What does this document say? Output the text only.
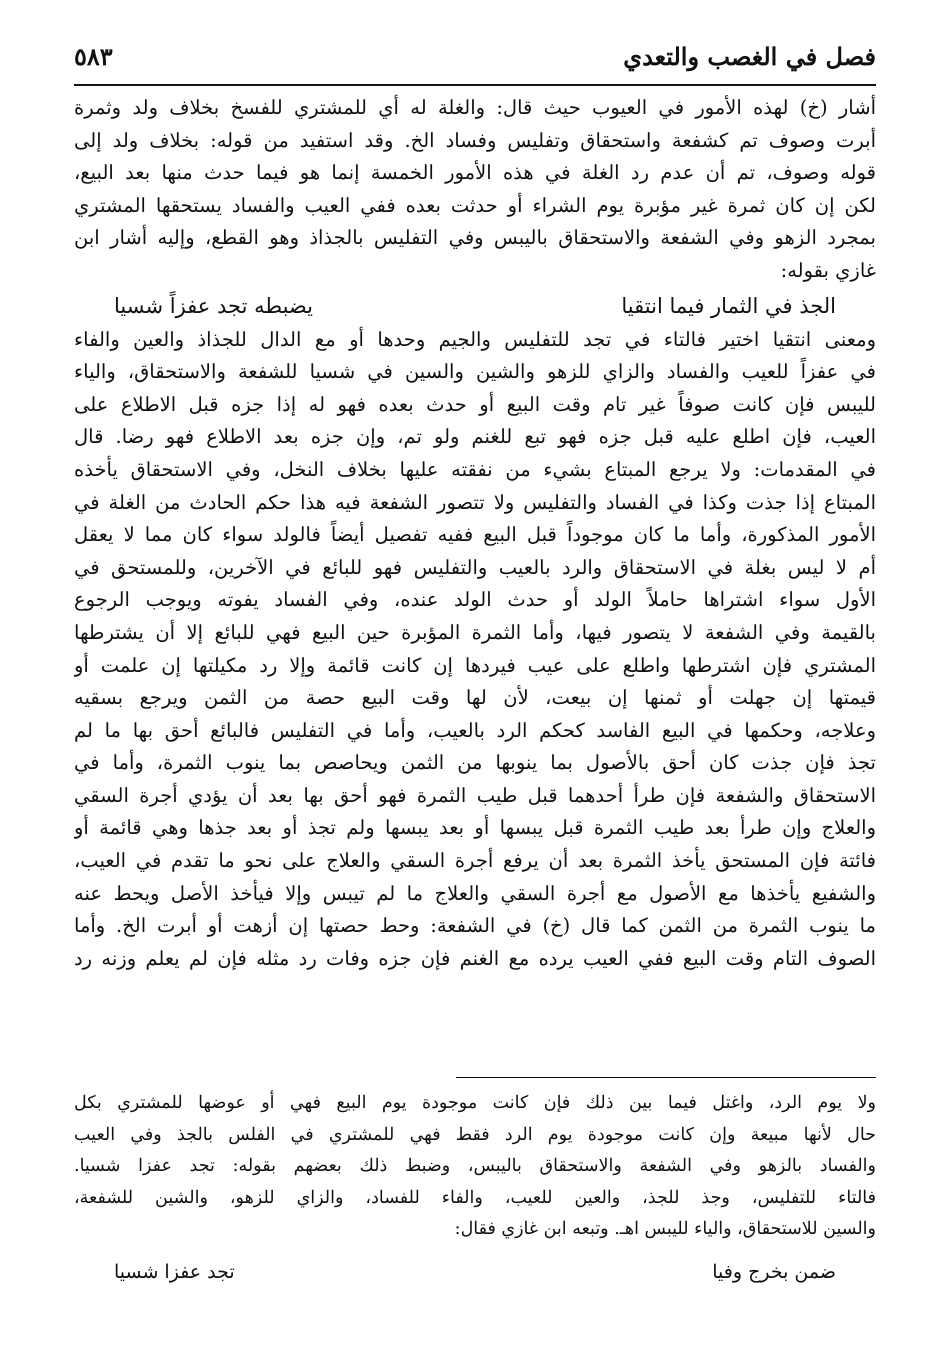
فصل في الغصب والتعدي
٥٨٣
أشار (خ) لهذه الأمور في العيوب حيث قال: والغلة له أي للمشتري للفسخ بخلاف ولد وثمرة
أبرت وصوف تم كشفعة واستحقاق وتفليس وفساد الخ. وقد استفيد من قوله: بخلاف ولد إلى
قوله وصوف، تم أن عدم رد الغلة في هذه الأمور الخمسة إنما هو فيما حدث منها بعد البيع،
لكن إن كان ثمرة غير مؤبرة يوم الشراء أو حدثت بعده ففي العيب والفساد يستحقها المشتري
بمجرد الزهو وفي الشفعة والاستحقاق باليبس وفي التفليس بالجذاذ وهو القطع، وإليه أشار ابن
غازي بقوله:
الجذ في الثمار فيما انتقيا
يضبطه تجد عفزاً شسيا
ومعنى انتقيا اختير فالتاء في تجد للتفليس والجيم وحدها أو مع الدال للجذاذ والعين والفاء
في عفزاً للعيب والفساد والزاي للزهو والشين والسين في شسيا للشفعة والاستحقاق، والياء
لليبس فإن كانت صوفاً غير تام وقت البيع أو حدث بعده فهو له إذا جزه قبل الاطلاع على
العيب، فإن اطلع عليه قبل جزه فهو تبع للغنم ولو تم، وإن جزه بعد الاطلاع فهو رضا. قال
في المقدمات: ولا يرجع المبتاع بشيء من نفقته عليها بخلاف النخل، وفي الاستحقاق يأخذه
المبتاع إذا جذت وكذا في الفساد والتفليس ولا تتصور الشفعة فيه هذا حكم الحادث من الغلة في
الأمور المذكورة، وأما ما كان موجوداً قبل البيع ففيه تفصيل أيضاً فالولد سواء كان مما لا يعقل
أم لا ليس بغلة في الاستحقاق والرد بالعيب والتفليس فهو للبائع في الآخرين، وللمستحق في
الأول سواء اشتراها حاملاً الولد أو حدث الولد عنده، وفي الفساد يفوته ويوجب الرجوع
بالقيمة وفي الشفعة لا يتصور فيها، وأما الثمرة المؤبرة حين البيع فهي للبائع إلا أن يشترطها
المشتري فإن اشترطها واطلع على عيب فيردها إن كانت قائمة وإلا رد مكيلتها إن علمت أو
قيمتها إن جهلت أو ثمنها إن بيعت، لأن لها وقت البيع حصة من الثمن ويرجع بسقيه
وعلاجه، وحكمها في البيع الفاسد كحكم الرد بالعيب، وأما في التفليس فالبائع أحق بها ما لم
تجذ فإن جذت كان أحق بالأصول بما ينوبها من الثمن ويحاصص بما ينوب الثمرة، وأما في
الاستحقاق والشفعة فإن طرأ أحدهما قبل طيب الثمرة فهو أحق بها بعد أن يؤدي أجرة السقي
والعلاج وإن طرأ بعد طيب الثمرة قبل يبسها أو بعد يبسها ولم تجذ أو بعد جذها وهي قائمة أو
فائتة فإن المستحق يأخذ الثمرة بعد أن يرفع أجرة السقي والعلاج على نحو ما تقدم في العيب،
والشفيع يأخذها مع الأصول مع أجرة السقي والعلاج ما لم تيبس وإلا فيأخذ الأصل ويحط عنه
ما ينوب الثمرة من الثمن كما قال (خ) في الشفعة: وحط حصتها إن أزهت أو أبرت الخ. وأما
الصوف التام وقت البيع ففي العيب يرده مع الغنم فإن جزه وفات رد مثله فإن لم يعلم وزنه رد
ولا يوم الرد، واغتل فيما بين ذلك فإن كانت موجودة يوم البيع فهي أو عوضها للمشتري بكل
حال لأنها مبيعة وإن كانت موجودة يوم الرد فقط فهي للمشتري في الفلس بالجذ وفي العيب
والفساد بالزهو وفي الشفعة والاستحقاق باليبس، وضبط ذلك بعضهم بقوله: تجد عفزا شسيا.
فالتاء للتفليس، وجذ للجذ، والعين للعيب، والفاء للفساد، والزاي للزهو، والشين للشفعة،
والسين للاستحقاق، والياء لليبس اهـ. وتبعه ابن غازي فقال:
ضمن بخرج وفيا
تجد عفزا شسيا
